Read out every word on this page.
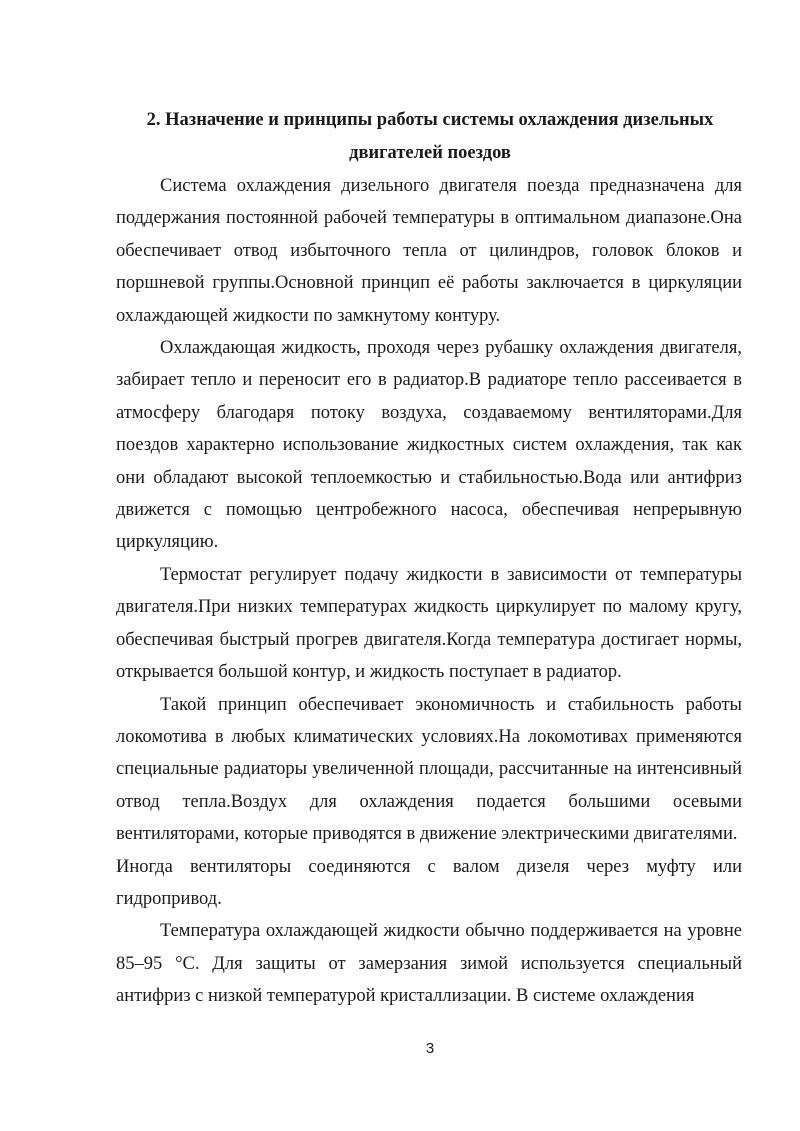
2. Назначение и принципы работы системы охлаждения дизельных двигателей поездов

Система охлаждения дизельного двигателя поезда предназначена для поддержания постоянной рабочей температуры в оптимальном диапазоне.Она обеспечивает отвод избыточного тепла от цилиндров, головок блоков и поршневой группы.Основной принцип её работы заключается в циркуляции охлаждающей жидкости по замкнутому контуру.

Охлаждающая жидкость, проходя через рубашку охлаждения двигателя, забирает тепло и переносит его в радиатор.В радиаторе тепло рассеивается в атмосферу благодаря потоку воздуха, создаваемому вентиляторами.Для поездов характерно использование жидкостных систем охлаждения, так как они обладают высокой теплоемкостью и стабильностью.Вода или антифриз движется с помощью центробежного насоса, обеспечивая непрерывную циркуляцию.

Термостат регулирует подачу жидкости в зависимости от температуры двигателя.При низких температурах жидкость циркулирует по малому кругу, обеспечивая быстрый прогрев двигателя.Когда температура достигает нормы, открывается большой контур, и жидкость поступает в радиатор.

Такой принцип обеспечивает экономичность и стабильность работы локомотива в любых климатических условиях.На локомотивах применяются специальные радиаторы увеличенной площади, рассчитанные на интенсивный отвод тепла.Воздух для охлаждения подается большими осевыми вентиляторами, которые приводятся в движение электрическими двигателями.

Иногда вентиляторы соединяются с валом дизеля через муфту или гидропривод.

Температура охлаждающей жидкости обычно поддерживается на уровне 85–95 °С. Для защиты от замерзания зимой используется специальный антифриз с низкой температурой кристаллизации. В системе охлаждения

3
